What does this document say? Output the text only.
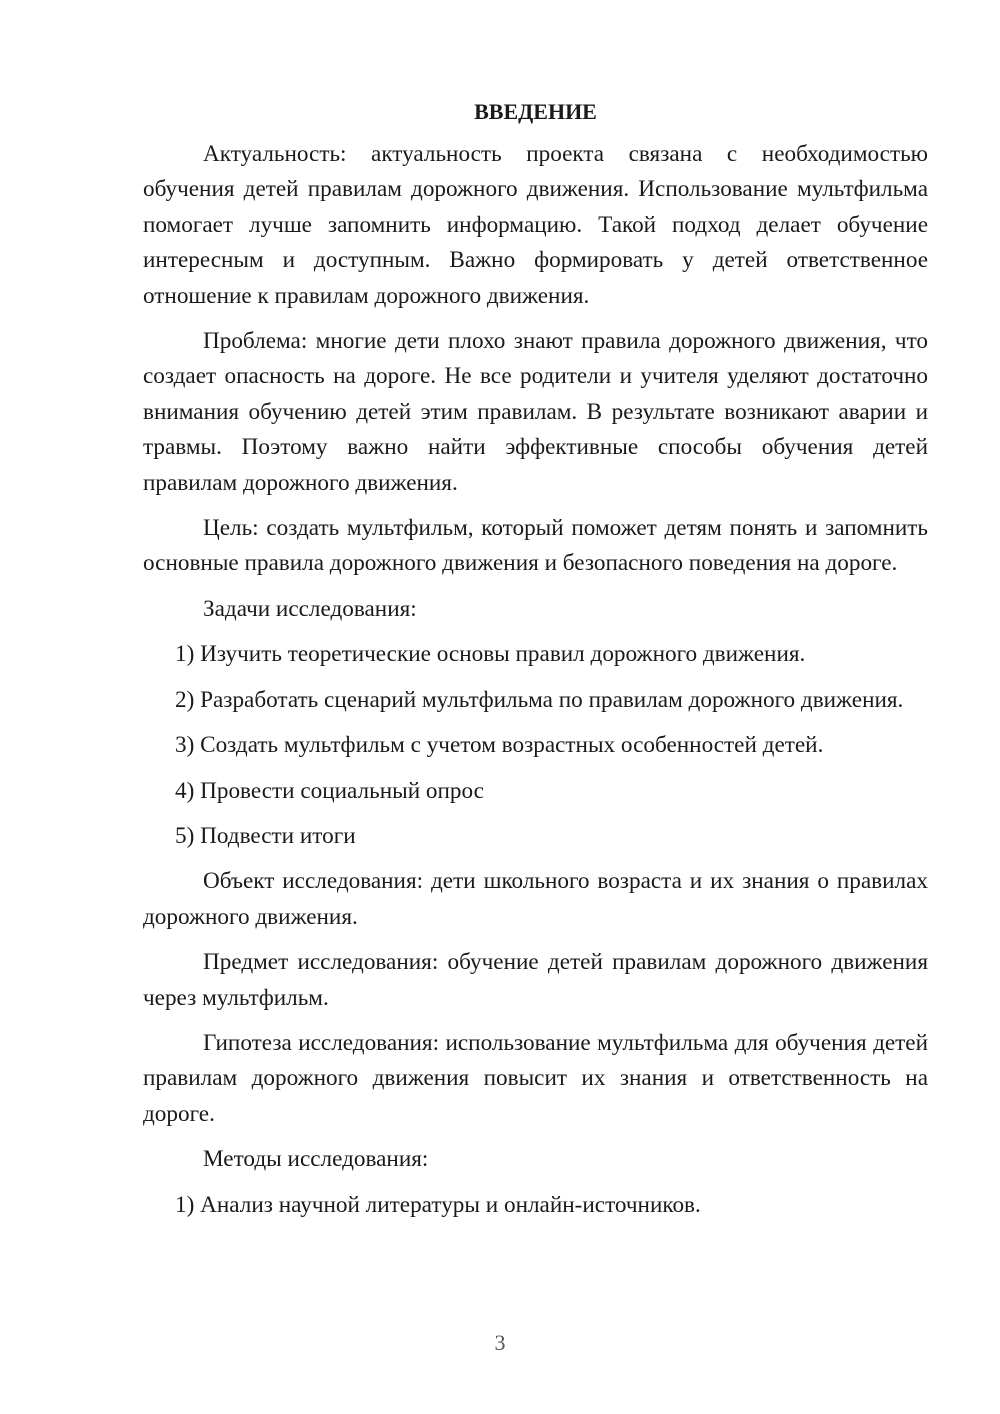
ВВЕДЕНИЕ

Актуальность: актуальность проекта связана с необходимостью обучения детей правилам дорожного движения. Использование мультфильма помогает лучше запомнить информацию. Такой подход делает обучение интересным и доступным. Важно формировать у детей ответственное отношение к правилам дорожного движения.

Проблема: многие дети плохо знают правила дорожного движения, что создает опасность на дороге. Не все родители и учителя уделяют достаточно внимания обучению детей этим правилам. В результате возникают аварии и травмы. Поэтому важно найти эффективные способы обучения детей правилам дорожного движения.

Цель: создать мультфильм, который поможет детям понять и запомнить основные правила дорожного движения и безопасного поведения на дороге.

Задачи исследования:

1) Изучить теоретические основы правил дорожного движения.

2) Разработать сценарий мультфильма по правилам дорожного движения.

3) Создать мультфильм с учетом возрастных особенностей детей.

4) Провести социальный опрос

5) Подвести итоги

Объект исследования: дети школьного возраста и их знания о правилах дорожного движения.

Предмет исследования: обучение детей правилам дорожного движения через мультфильм.

Гипотеза исследования: использование мультфильма для обучения детей правилам дорожного движения повысит их знания и ответственность на дороге.

Методы исследования:

1) Анализ научной литературы и онлайн-источников.

3
